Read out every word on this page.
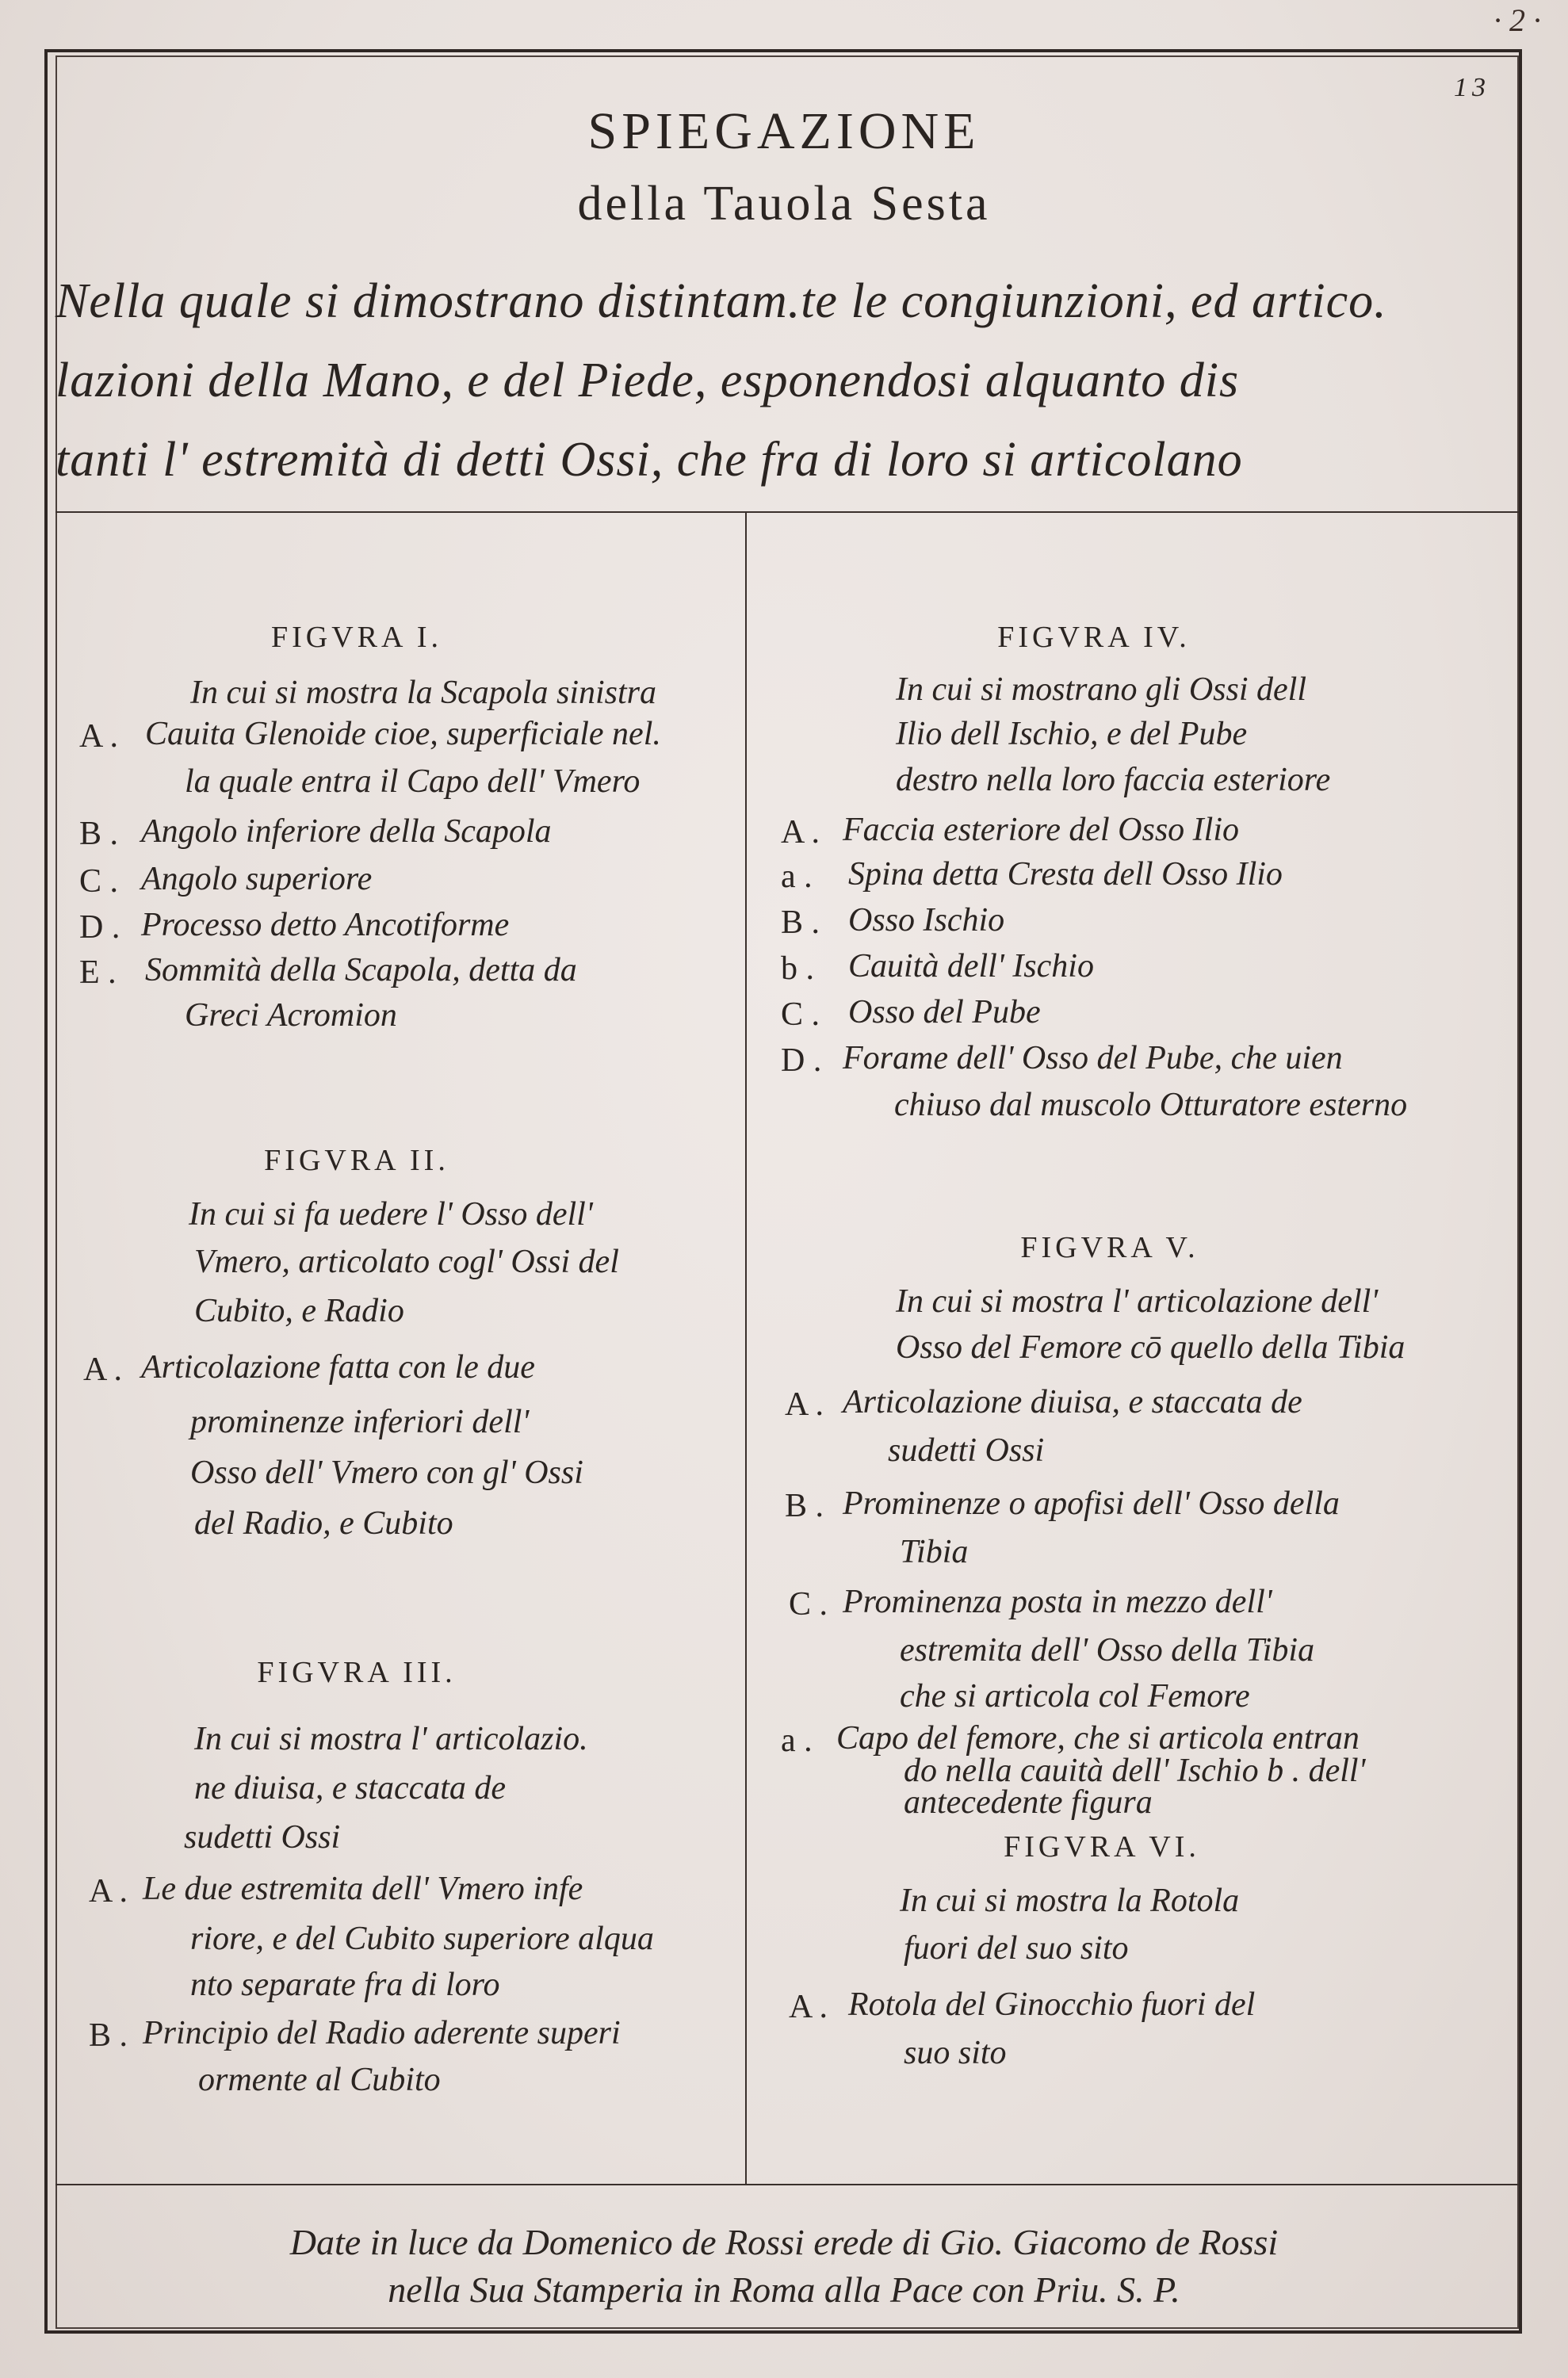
· 2 ·
13
SPIEGAZIONE
della Tauola Sesta
Nella quale si dimostrano distintam.te le congiunzioni, ed artico.
lazioni della Mano, e del Piede, esponendosi alquanto dis
tanti l' estremità di detti Ossi, che fra di loro si articolano
FIGVRA I.
In cui si mostra la Scapola sinistra
A . Cauita Glenoide cioe, superficiale nel.
la quale entra il Capo dell' Vmero
B . Angolo inferiore della Scapola
C . Angolo superiore
D . Processo detto Ancotiforme
E . Sommità della Scapola, detta da
Greci Acromion
FIGVRA II.
In cui si fa uedere l' Osso dell'
Vmero, articolato cogl' Ossi del
Cubito, e Radio
A . Articolazione fatta con le due
prominenze inferiori dell'
Osso dell' Vmero con gl' Ossi
del Radio, e Cubito
FIGVRA III.
In cui si mostra l' articolazio.
ne diuisa, e staccata de
sudetti Ossi
A . Le due estremita dell' Vmero infe
riore, e del Cubito superiore alqua
nto separate fra di loro
B . Principio del Radio aderente superi
ormente al Cubito
FIGVRA IV.
In cui si mostrano gli Ossi dell
Ilio dell Ischio, e del Pube
destro nella loro faccia esteriore
A . Faccia esteriore del Osso Ilio
a . Spina detta Cresta dell Osso Ilio
B . Osso Ischio
b . Cauità dell' Ischio
C . Osso del Pube
D . Forame dell' Osso del Pube, che uien
chiuso dal muscolo Otturatore esterno
FIGVRA V.
In cui si mostra l' articolazione dell'
Osso del Femore cō quello della Tibia
A . Articolazione diuisa, e staccata de
sudetti Ossi
B . Prominenze o apofisi dell' Osso della
Tibia
C . Prominenza posta in mezzo dell'
estremita dell' Osso della Tibia
che si articola col Femore
a . Capo del femore, che si articola entran
do nella cauità dell' Ischio b . dell'
antecedente figura
FIGVRA VI.
In cui si mostra la Rotola
fuori del suo sito
A . Rotola del Ginocchio fuori del
suo sito
Date in luce da Domenico de Rossi erede di Gio. Giacomo de Rossi
nella Sua Stamperia in Roma alla Pace con Priu. S. P.
